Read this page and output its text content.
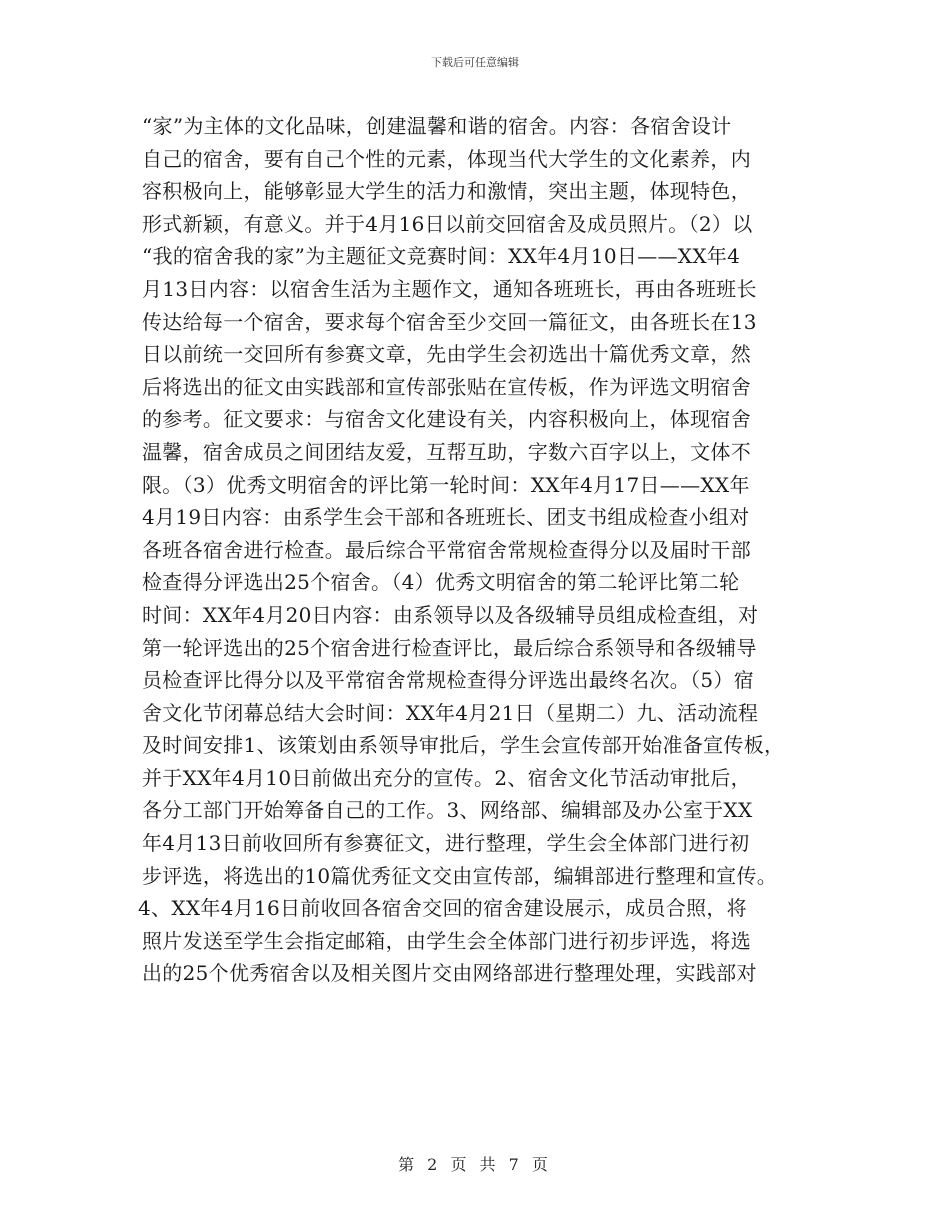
下载后可任意编辑
“家”为主体的文化品味，创建温馨和谐的宿舍。内容：各宿舍设计
自己的宿舍，要有自己个性的元素，体现当代大学生的文化素养，内
容积极向上，能够彰显大学生的活力和激情，突出主题，体现特色，
形式新颖，有意义。并于4月16日以前交回宿舍及成员照片。（2）以
“我的宿舍我的家”为主题征文竞赛时间：XX年4月10日——XX年4
月13日内容：以宿舍生活为主题作文，通知各班班长，再由各班班长
传达给每一个宿舍，要求每个宿舍至少交回一篇征文，由各班长在13
日以前统一交回所有参赛文章，先由学生会初选出十篇优秀文章，然
后将选出的征文由实践部和宣传部张贴在宣传板，作为评选文明宿舍
的参考。征文要求：与宿舍文化建设有关，内容积极向上，体现宿舍
温馨，宿舍成员之间团结友爱，互帮互助，字数六百字以上，文体不
限。（3）优秀文明宿舍的评比第一轮时间：XX年4月17日——XX年
4月19日内容：由系学生会干部和各班班长、团支书组成检查小组对
各班各宿舍进行检查。最后综合平常宿舍常规检查得分以及届时干部
检查得分评选出25个宿舍。（4）优秀文明宿舍的第二轮评比第二轮
时间：XX年4月20日内容：由系领导以及各级辅导员组成检查组，对
第一轮评选出的25个宿舍进行检查评比，最后综合系领导和各级辅导
员检查评比得分以及平常宿舍常规检查得分评选出最终名次。（5）宿
舍文化节闭幕总结大会时间：XX年4月21日（星期二）九、活动流程
及时间安排1、该策划由系领导审批后，学生会宣传部开始准备宣传板，
并于XX年4月10日前做出充分的宣传。2、宿舍文化节活动审批后，
各分工部门开始筹备自己的工作。3、网络部、编辑部及办公室于XX
年4月13日前收回所有参赛征文，进行整理，学生会全体部门进行初
步评选，将选出的10篇优秀征文交由宣传部，编辑部进行整理和宣传。
4、XX年4月16日前收回各宿舍交回的宿舍建设展示，成员合照，将
照片发送至学生会指定邮箱，由学生会全体部门进行初步评选，将选
出的25个优秀宿舍以及相关图片交由网络部进行整理处理，实践部对
第 2 页 共 7 页
